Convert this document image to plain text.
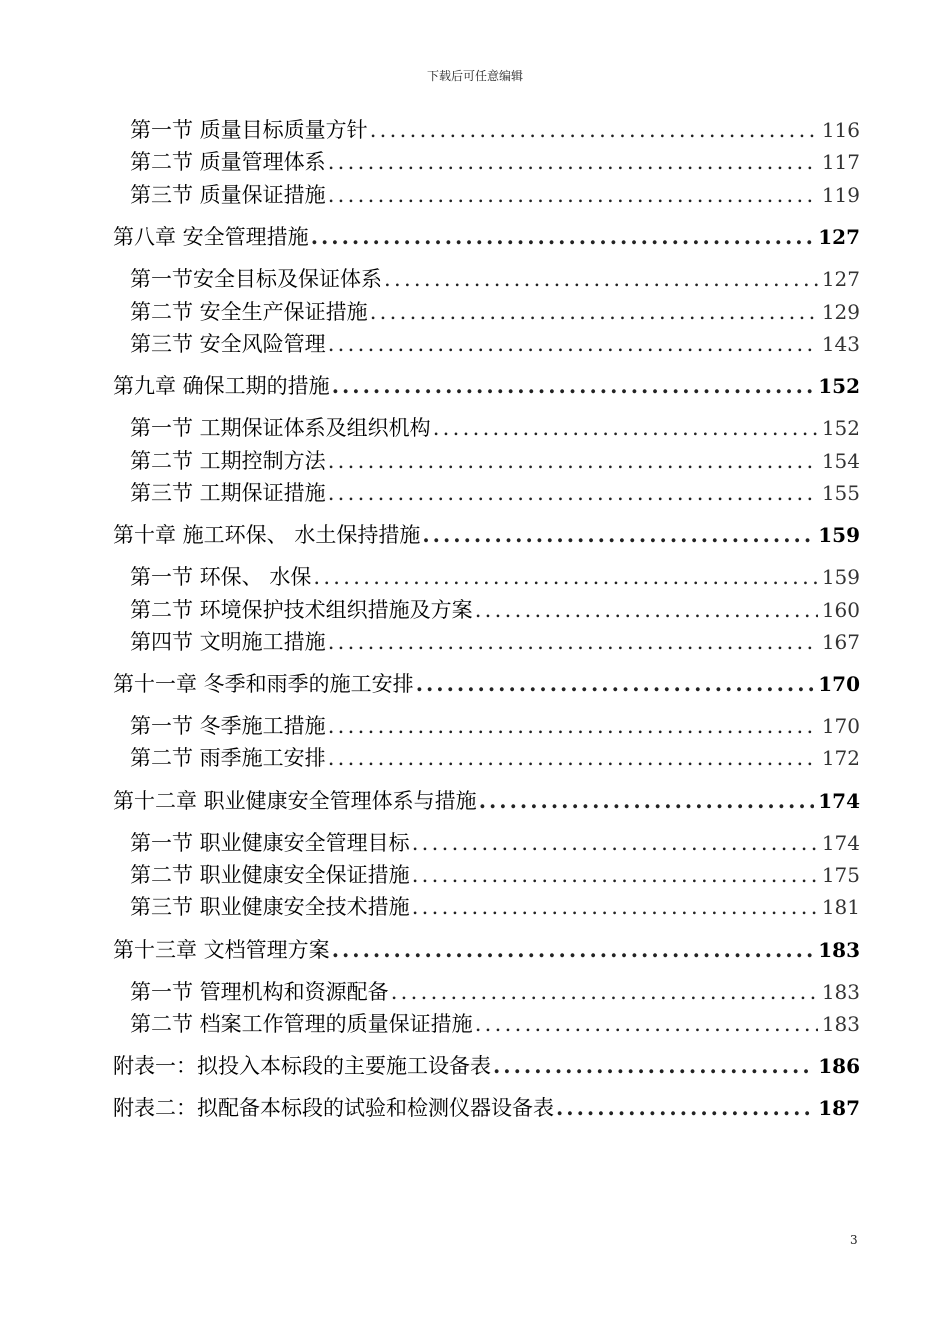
下载后可任意编辑
第一节 质量目标质量方针 .....	116
第二节 质量管理体系 .....	117
第三节 质量保证措施 .....	119
第八章 安全管理措施 .....	127
第一节安全目标及保证体系 .....	127
第二节 安全生产保证措施 .....	129
第三节 安全风险管理 .....	143
第九章 确保工期的措施 .....	152
第一节 工期保证体系及组织机构 .....	152
第二节 工期控制方法 .....	154
第三节 工期保证措施 .....	155
第十章 施工环保、 水土保持措施 .....	159
第一节 环保、 水保 .....	159
第二节 环境保护技术组织措施及方案 .....	160
第四节 文明施工措施 .....	167
第十一章 冬季和雨季的施工安排 .....	170
第一节 冬季施工措施 .....	170
第二节 雨季施工安排 .....	172
第十二章 职业健康安全管理体系与措施 .....	174
第一节 职业健康安全管理目标 .....	174
第二节 职业健康安全保证措施 .....	175
第三节 职业健康安全技术措施 .....	181
第十三章 文档管理方案 .....	183
第一节 管理机构和资源配备 .....	183
第二节 档案工作管理的质量保证措施 .....	183
附表一：拟投入本标段的主要施工设备表 .....	186
附表二：拟配备本标段的试验和检测仪器设备表 .....	187
3
